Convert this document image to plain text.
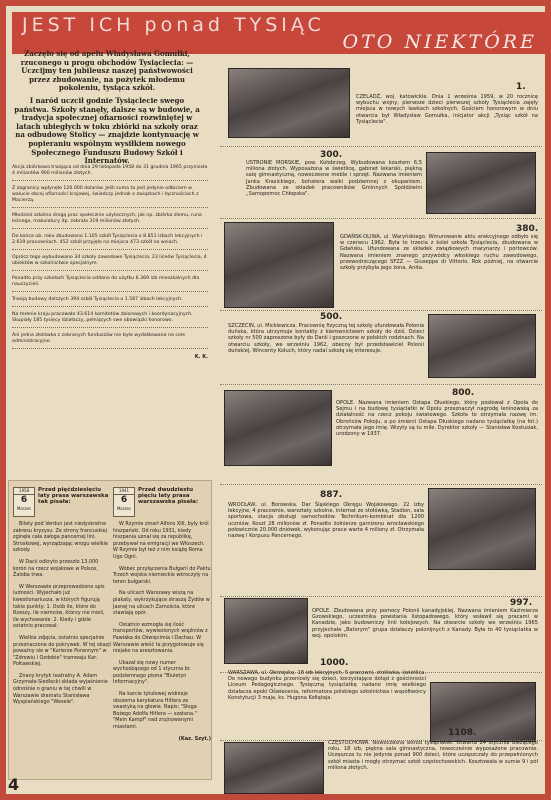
JEST ICH ponad TYSIĄC
OTO NIEKTÓRE

Zaczęło się od apelu Władysława Gomułki, rzuconego u progu obchodów Tysiąclecia: — Uczcijmy ten jubileusz naszej państwowości przez zbudowanie, na pożytek młodemu pokoleniu, tysiąca szkół.

I naród uczcił godnie Tysiąclecie swego państwa. Szkoły stanęły, dalsze są w budowie, a tradycja społecznej ofiarności rozwiniętej w latach ubiegłych w toku zbiórki na szkoły oraz na odbudowę Stolicy — znajdzie kontynuację w popieraniu wspólnym wysiłkiem nowego Społecznego Funduszu Budowy Szkół i Internatów.

Akcja zbiórkowa trwająca od dnia 29 listopada 1958 do 31 grudnia 1965 przyniosła 4 miliardów 900 milionów złotych.
Z zagranicy wpłynęło 120.000 dolarów. Jeśli suma ta jest jedynie odbiciem w walucie obcej ofiarności krajowej, świadczy jednak o związkach i łącznościach z Macierzą.
Młodzież szkolna drogą prac społecznie użytecznych, jak np. zbiórka złomu, runa leśnego, makulatury itp. zebrała 319 milionów złotych.
Do końca ub. roku zbudowano 1.105 szkół Tysiąclecia o 8.851 izbach lekcyjnych i 2.619 pracowniach. 452 szkół przyjęła na miejsca 473 szkół na wsiach.
Oprócz tego wybudowano 34 szkoły zawodowe Tysiąclecia, 23 liceów Tysiąclecia, 4 obiektów w szkolnictwie specjalnym.
Ponadto przy szkołach Tysiąclecia oddano do użytku 6.369 izb mieszkalnych dla nauczycieli.
Trwają budowy dalszych 394 szkół Tysiąclecia o 1.587 izbach lekcyjnych.
Na terenie kraju pracowało 43.614 komitetów zbiorowych i koordynacyjnych. Skupiały 185 tysięcy działaczy, pełniących swe obowiązki honorowo.
Ani jedna złotówka z zebranych funduszów nie była wydatkowana na cele administracyjne.
K. K.
1958
6
Marzec
Przed pięćdziesięciu laty prasa warszawska tak pisała:

Bilety pod Verdun jest niedyskretne zakresu kryzysu. Ze strony francuskiej zginęła cała załoga pancernej lini. Stroskowej, wyrządzając wrogu wielkie szkody.

W Dacii odkryto przeszło 13.000 koron na rzecz wojskowe w Polsce, Żaloba trwa.

W Warszawie przeprowadzono spis ludności. Wyjechało już kwestionariusza, w których figurują takie punkty: 1. Osób ile, które do Rzeszy, ile niemców, którzy nie mieli, ile wychowanie. 2. Kiedy i gdzie ostatnio pracował.

Wielkie zdjęcia, ostatnio specjalnie przeznaczone do pokrywek. W tej okazji poważny sie w "Kurierze Porannym" w "Zdrowiu i Ozdobie" tramwaju Kar. Połtawskiej.

Znany krytyk teatralny A. Adam Grzymała-Siedlecki składa wyjaśnienie odnośnie o graniu w tej chwili w Warszawie dramatu Stanisława Wyspiańskiego "Wesele".

1941
6
Marzec
Przed dwudziestu pięciu laty prasa warszawska pisała:

W Rzymie zmarł Alfons XIII, były król hiszpański. Od roku 1931, kiedy hiszpania uznał się za republikę, przebywał na emigracji we Włoszech. W Rzymie był też z nim książę Roma Ugo Ogni.

Wobec przyłączenia Bułgarii do Paktu Trzech wojska niemieckie wkroczyły na teren bułgarski.

Na ulicach Warszawy wiszą na plakaty, wykrzykujące straszą Żydów w Jasnej na ulicach Zamościa, które stawiają opór.

Ostatnio wzmogła się ilość transportów, wywiezionych więźniów z Pawiaka do Oświęcimia i Dachau. W Warszawie wieść ta przygotowuje się niejako na aresztowania.

Ukazał się nowy numer wychodzącego od 1 stycznia br. podziemnego pisma "Biuletyn Informacyjny".

Na karcie tytułowej widnieje obszerna karykatura Hitlera ze swastyką na głowie. Napis: "Sługa Bożego Adolfa Hitlera — szatana." "Mein Kampf" nad zrujnowanymi miastami.

(Kaz. Szyt.)
4
1.
CZELADŹ, woj. katowickie. Dnia 1 września 1959, w 20 rocznicę wybuchu wojny, pierwsze dzieci pierwszej szkoły Tysiąclecia zajęły miejsca w nowych ławkach szkolnych. Gościem honorowym w dniu otwarcia był Władysław Gomułka, inicjator akcji „Tysiąc szkół na Tysiąclecie".
300.
USTRONIE MORSKIE, pow. Kołobrzeg. Wybudowana kosztem 6,5 miliona złotych. Wyposażona w świetlicę, gabinet lekarski, piękną salę gimnastyczną, nowoczesne meble i sprzęt. Nazwana imieniem Janka Krasickiego, bohatera walki podziemnej z okupantem. Zbudowana ze składek pracowników Gminnych Spółdzielni „Samopomoc Chłopska".
380.
GDAŃSK-OLIWA, ul. Waryńskiego. Wmurowanie aktu erekcyjnego odbyło się w czerwcu 1962. Była to trzecia z kolei szkoła Tysiąclecia, zbudowana w Gdańsku. Ufundowana ze składek związkowych marynarzy i portowców. Nazwana imieniem znanego przywódcy włoskiego ruchu zawodowego, przewodniczącego SFZZ — Giuseppe di Vittorio. Rok później, na otwarcie szkoły przybyła jego żona, Anita.
500.
SZCZECIN, ul. Mickiewicza. Pracownię fizyczną tej szkoły ufundowała Polonia duńska, która utrzymuje kontakty z kierownictwem szkoły do dziś. Dzieci szkoły nr 500 zaproszone były do Danii i goszczone w polskich rodzinach. Na otwarciu szkoły, we wrześniu 1962, obecny był przedstawiciel Polonii duńskiej, Wincenty Kołuch, który nadal szkołą się interesuje.
800.
OPOLE. Nazwana imieniem Ostapa Dłuskiego, który posłował z Opola do Sejmu i na budowę tysiąclatki w Opolu przeznaczył nagrodę leninowską za działalność na rzecz pokoju światowego. Szkoła to otrzymała nazwę im. Obrońców Pokoju, a po śmierci Ostapa Dłuskiego nadano tysiąclatkę (na fot.) otrzymała jego imię. Wizyty są tu mile. Dyrektor szkoły — Stanisław Kostusiak, urodzony w 1937.
887.
WROCŁAW, ul. Borowska. Dar Śląskiego Okręgu Wojskowego. 22 izby lekcyjne, 4 pracownie, warsztaty szkolne, internat ze stołówką, Stadion, sala sportowa, stacja obsługi samochodów. Technikum-kombinat dla 1200 uczniów. Koszt 28 milionów zł. Ponadto żołnierze garnizonu wrocławskiego połowicznie 20.000 dniówek, wykonując prace warte 4 miliony zł. Otrzymała nazwę I Korpusu Pancernego.
997.
OPOLE. Zbudowana przy pomocy Polonii kanadyjskiej. Nazwana imieniem Kazimierza Gzowskiego, uczestnika powstania listopadowego, który wsławił się pracami w Kanadzie, jako budowniczy linii kolejowych. Na otwarcie szkoły we wrześniu 1965 przyjechała „Batorym" grupa działaczy polonijnych z Kanady. Była to 40 tysiąclatka w woj. opolskim.
1000.
WARSZAWA, ul. Okrzejska. 18 izb lekcyjnych, 5 pracowni, stołówka, świetlica. Do nowego budynku przeniosły się dzieci, korzystające dotąd z gościnności Liceum Pedagogicznego. Tysięczną tysiąclatkę nadano imię wielkiego działacza epoki Oświecenia, reformatora polskiego szkolnictwa i współtwórcy Konstytucji 3 maja, ks. Hugona Kołłątaja.
1108.
CZĘSTOCHOWA. Nowoczesna wśród tysiąclatek. Otwarta 24 stycznia bieżącego roku. 18 izb, piękna sala gimnastyczna, nowocześnie wyposażone pracownie. Uczęszcza tu nie jedynie ponad 900 dzieci, które uczęszczały do przepełnionych szkół miasta i mogły otrzymać szkół częstochowskich. Kosztowała w sumie 9 i pół miliona złotych.
